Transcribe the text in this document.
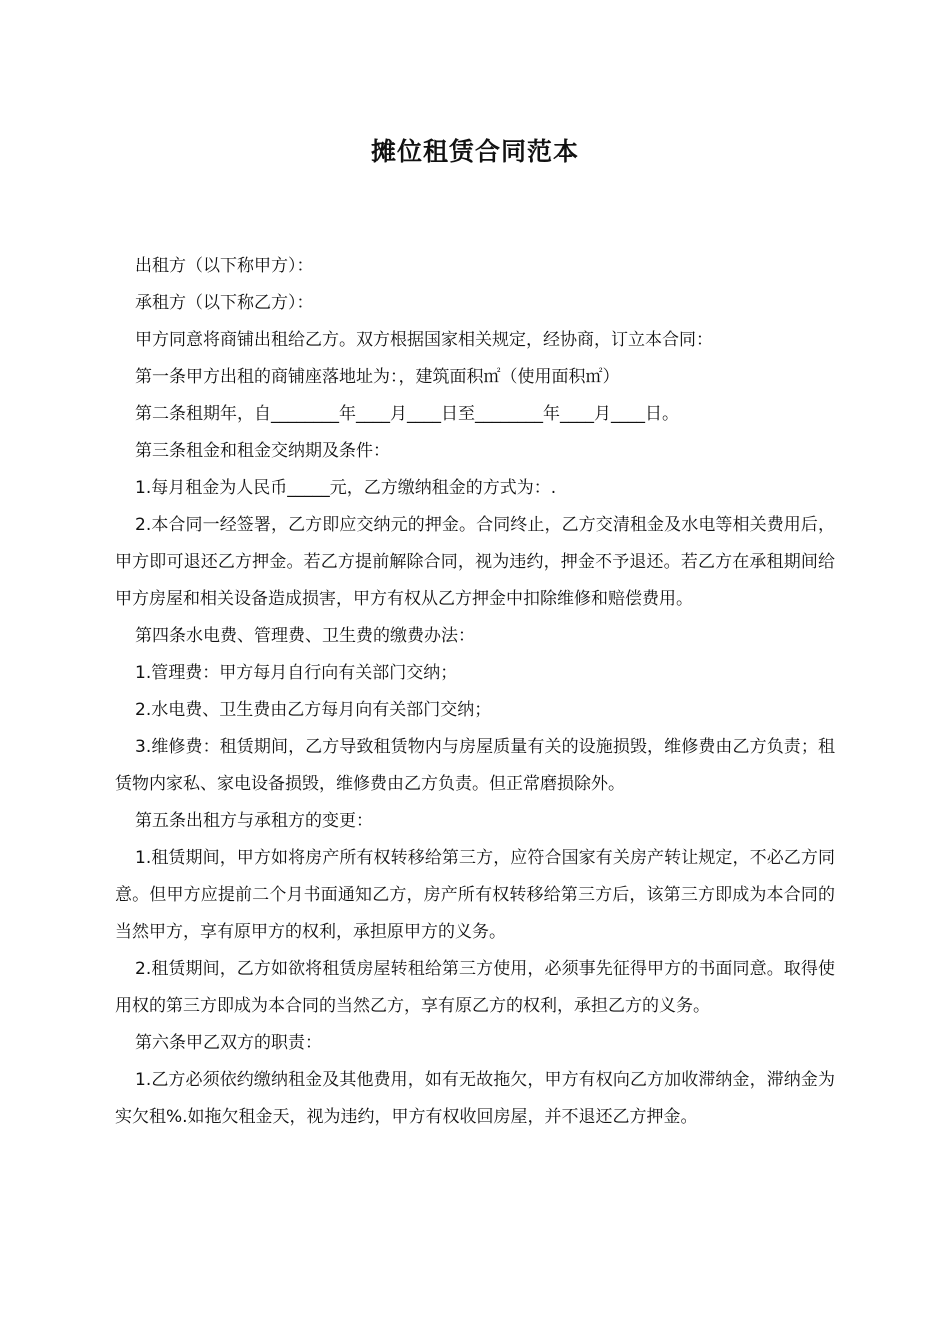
摊位租赁合同范本

出租方（以下称甲方）：

承租方（以下称乙方）：

甲方同意将商铺出租给乙方。双方根据国家相关规定，经协商，订立本合同：

第一条甲方出租的商铺座落地址为：，建筑面积㎡（使用面积㎡）

第二条租期年，自________年____月____日至________年____月____日。

第三条租金和租金交纳期及条件：

1.每月租金为人民币_____元，乙方缴纳租金的方式为：.

2.本合同一经签署，乙方即应交纳元的押金。合同终止，乙方交清租金及水电等相关费用后，甲方即可退还乙方押金。若乙方提前解除合同，视为违约，押金不予退还。若乙方在承租期间给甲方房屋和相关设备造成损害，甲方有权从乙方押金中扣除维修和赔偿费用。

第四条水电费、管理费、卫生费的缴费办法：

1.管理费：甲方每月自行向有关部门交纳；

2.水电费、卫生费由乙方每月向有关部门交纳；

3.维修费：租赁期间，乙方导致租赁物内与房屋质量有关的设施损毁，维修费由乙方负责；租赁物内家私、家电设备损毁，维修费由乙方负责。但正常磨损除外。

第五条出租方与承租方的变更：

1.租赁期间，甲方如将房产所有权转移给第三方，应符合国家有关房产转让规定，不必乙方同意。但甲方应提前二个月书面通知乙方，房产所有权转移给第三方后，该第三方即成为本合同的当然甲方，享有原甲方的权利，承担原甲方的义务。

2.租赁期间，乙方如欲将租赁房屋转租给第三方使用，必须事先征得甲方的书面同意。取得使用权的第三方即成为本合同的当然乙方，享有原乙方的权利，承担乙方的义务。

第六条甲乙双方的职责：

1.乙方必须依约缴纳租金及其他费用，如有无故拖欠，甲方有权向乙方加收滞纳金，滞纳金为实欠租%.如拖欠租金天，视为违约，甲方有权收回房屋，并不退还乙方押金。
